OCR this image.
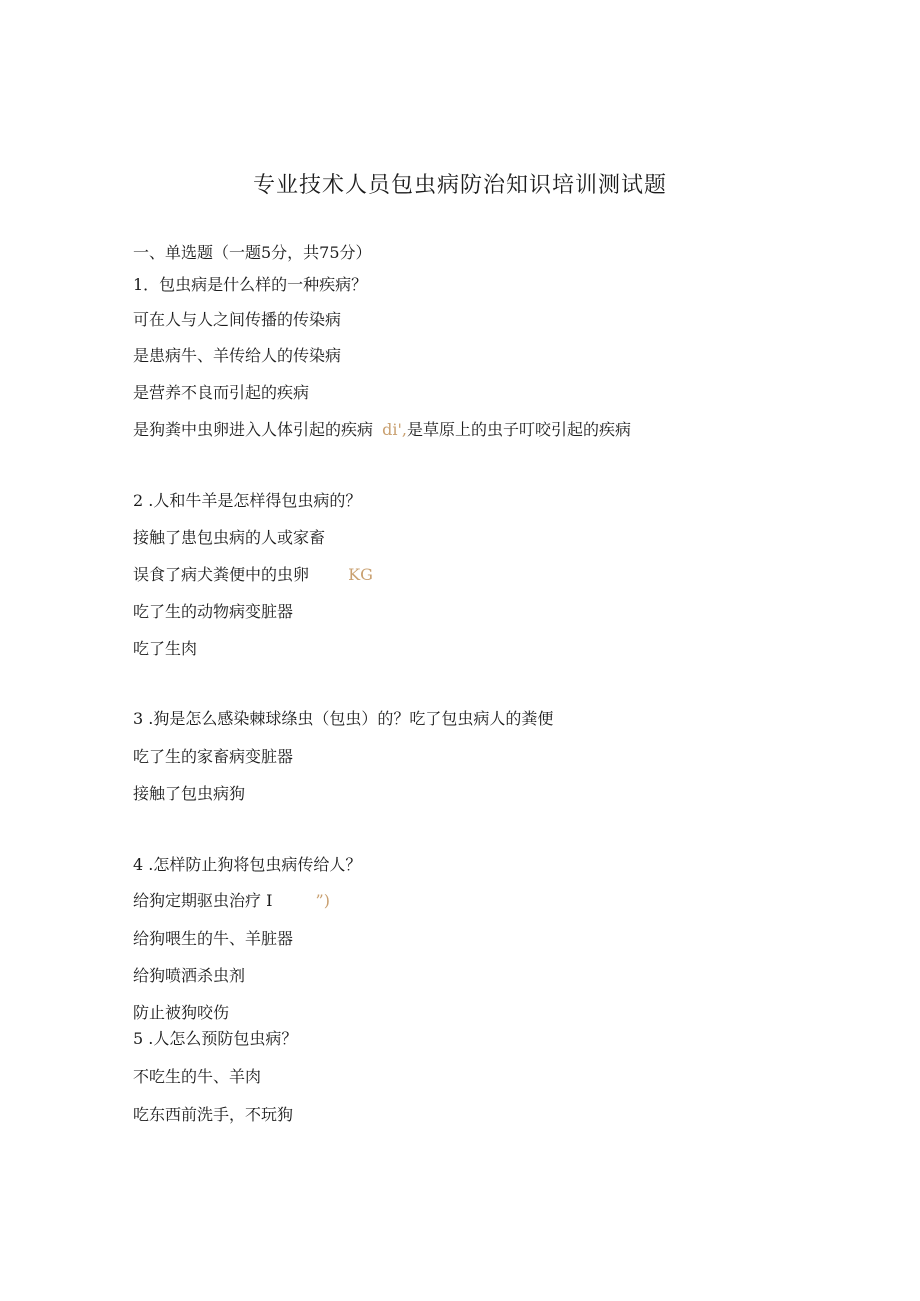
专业技术人员包虫病防治知识培训测试题
一、单选题（一题5分，共75分）
1．包虫病是什么样的一种疾病？
可在人与人之间传播的传染病
是患病牛、羊传给人的传染病
是营养不良而引起的疾病
是狗粪中虫卵进入人体引起的疾病 di',是草原上的虫子叮咬引起的疾病
2 .人和牛羊是怎样得包虫病的？
接触了患包虫病的人或家畜
误食了病犬粪便中的虫卵 KG
吃了生的动物病变脏器
吃了生肉
3 .狗是怎么感染棘球绦虫（包虫）的？吃了包虫病人的粪便
吃了生的家畜病变脏器
接触了包虫病狗
4 .怎样防止狗将包虫病传给人？
给狗定期驱虫治疗 I	”)
给狗喂生的牛、羊脏器
给狗喷洒杀虫剂
防止被狗咬伤
5 .人怎么预防包虫病？
不吃生的牛、羊肉
吃东西前洗手，不玩狗
